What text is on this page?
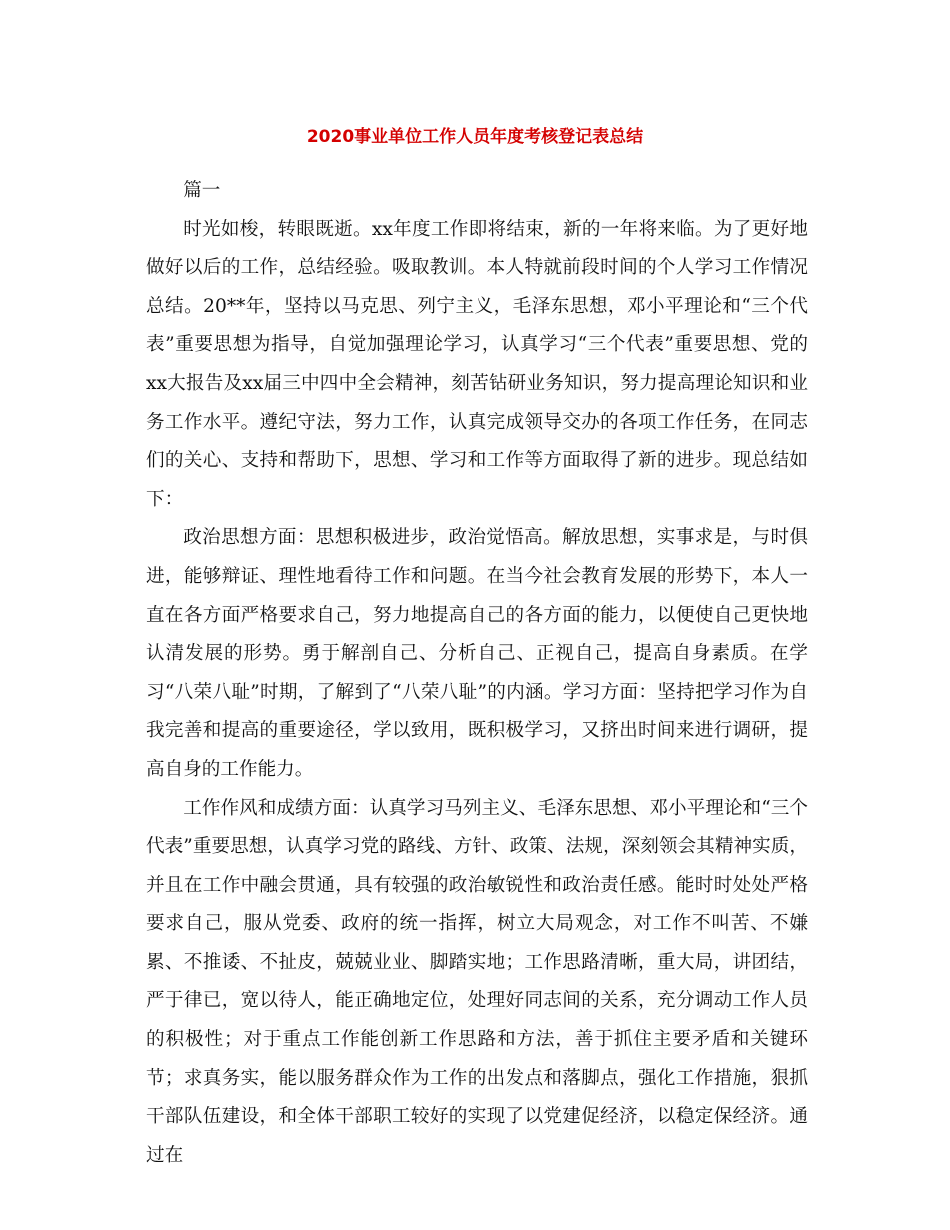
2020事业单位工作人员年度考核登记表总结

篇一

时光如梭，转眼既逝。xx年度工作即将结束，新的一年将来临。为了更好地做好以后的工作，总结经验。吸取教训。本人特就前段时间的个人学习工作情况总结。20**年，坚持以马克思、列宁主义，毛泽东思想，邓小平理论和“三个代表”重要思想为指导，自觉加强理论学习，认真学习“三个代表”重要思想、党的xx大报告及xx届三中四中全会精神，刻苦钻研业务知识，努力提高理论知识和业务工作水平。遵纪守法，努力工作，认真完成领导交办的各项工作任务，在同志们的关心、支持和帮助下，思想、学习和工作等方面取得了新的进步。现总结如下：

政治思想方面：思想积极进步，政治觉悟高。解放思想，实事求是，与时俱进，能够辩证、理性地看待工作和问题。在当今社会教育发展的形势下，本人一直在各方面严格要求自己，努力地提高自己的各方面的能力，以便使自己更快地认清发展的形势。勇于解剖自己、分析自己、正视自己，提高自身素质。在学习“八荣八耻”时期，了解到了“八荣八耻”的内涵。学习方面：坚持把学习作为自我完善和提高的重要途径，学以致用，既积极学习，又挤出时间来进行调研，提高自身的工作能力。

工作作风和成绩方面：认真学习马列主义、毛泽东思想、邓小平理论和“三个代表”重要思想，认真学习党的路线、方针、政策、法规，深刻领会其精神实质，并且在工作中融会贯通，具有较强的政治敏锐性和政治责任感。能时时处处严格要求自己，服从党委、政府的统一指挥，树立大局观念，对工作不叫苦、不嫌累、不推诿、不扯皮，兢兢业业、脚踏实地；工作思路清晰，重大局，讲团结，严于律已，宽以待人，能正确地定位，处理好同志间的关系，充分调动工作人员的积极性；对于重点工作能创新工作思路和方法，善于抓住主要矛盾和关键环节；求真务实，能以服务群众作为工作的出发点和落脚点，强化工作措施，狠抓干部队伍建设，和全体干部职工较好的实现了以党建促经济，以稳定保经济。通过在
